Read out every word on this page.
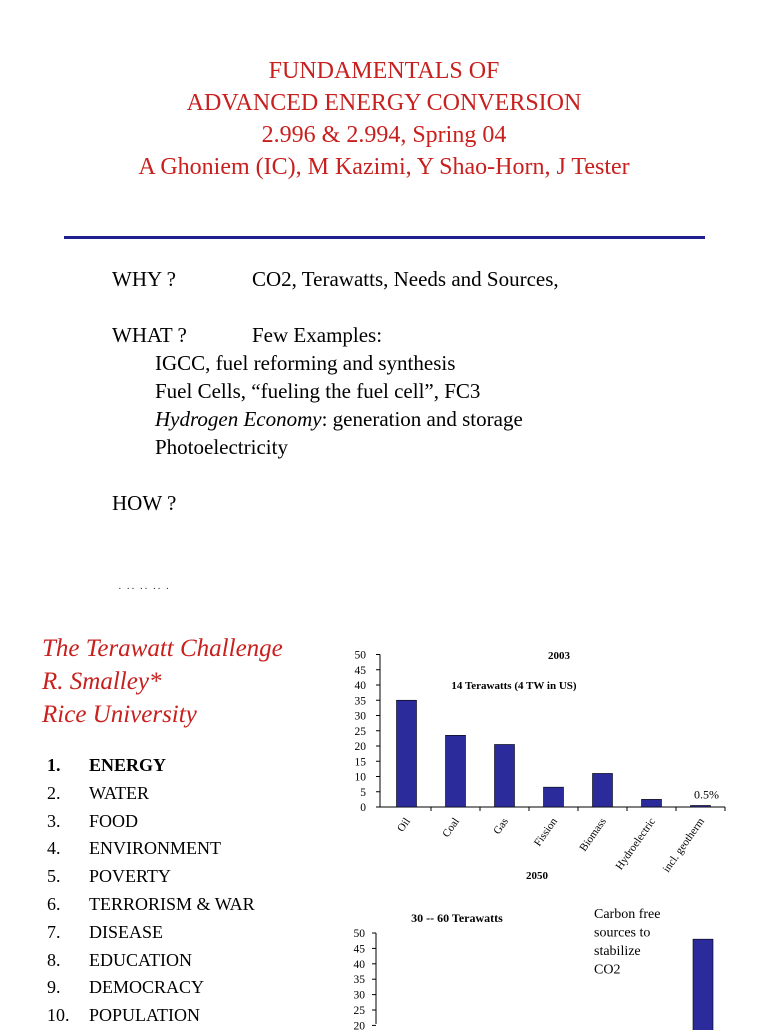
FUNDAMENTALS OF
ADVANCED ENERGY CONVERSION
2.996 & 2.994, Spring 04
A Ghoniem (IC), M Kazimi, Y Shao-Horn, J Tester
WHY ?	CO2, Terawatts, Needs and Sources,
WHAT ?	Few Examples:
IGCC, fuel reforming and synthesis
Fuel Cells, “fueling the fuel cell”, FC3
Hydrogen Economy: generation and storage
Photoelectricity
HOW ?
· ·· ·· ·· ·
The Terawatt Challenge
R. Smalley*
Rice University
1. ENERGY
2. WATER
3. FOOD
4. ENVIRONMENT
5. POVERTY
6. TERRORISM & WAR
7. DISEASE
8. EDUCATION
9. DEMOCRACY
10. POPULATION
2003
14 Terawatts (4 TW in US)
0
5
10
15
20
25
30
35
40
45
50
Oil Coal	Gas Fission Biomass Hydroelectric incl. geotherm
0.5%
2050
30 -- 60 Terawatts	Carbon free sources to stabilize CO2
20
25
30
35
40
45
50
